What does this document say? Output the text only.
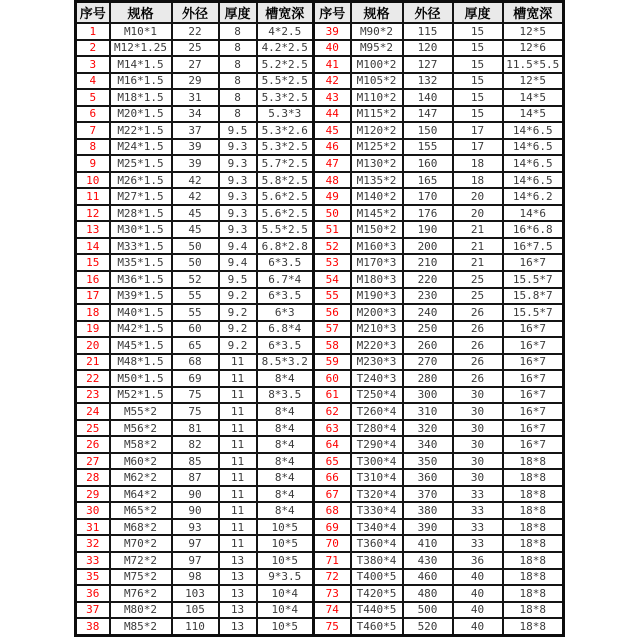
序号	规格	外径	厚度	槽宽深	序号	规格	外径	厚度	槽宽深
1	M10*1	22	8	4*2.5	39	M90*2	115	15	12*5
2	M12*1.25	25	8	4.2*2.5	40	M95*2	120	15	12*6
3	M14*1.5	27	8	5.2*2.5	41	M100*2	127	15	11.5*5.5
4	M16*1.5	29	8	5.5*2.5	42	M105*2	132	15	12*5
5	M18*1.5	31	8	5.3*2.5	43	M110*2	140	15	14*5
6	M20*1.5	34	8	5.3*3	44	M115*2	147	15	14*5
7	M22*1.5	37	9.5	5.3*2.6	45	M120*2	150	17	14*6.5
8	M24*1.5	39	9.3	5.3*2.5	46	M125*2	155	17	14*6.5
9	M25*1.5	39	9.3	5.7*2.5	47	M130*2	160	18	14*6.5
10	M26*1.5	42	9.3	5.8*2.5	48	M135*2	165	18	14*6.5
11	M27*1.5	42	9.3	5.6*2.5	49	M140*2	170	20	14*6.2
12	M28*1.5	45	9.3	5.6*2.5	50	M145*2	176	20	14*6
13	M30*1.5	45	9.3	5.5*2.5	51	M150*2	190	21	16*6.8
14	M33*1.5	50	9.4	6.8*2.8	52	M160*3	200	21	16*7.5
15	M35*1.5	50	9.4	6*3.5	53	M170*3	210	21	16*7
16	M36*1.5	52	9.5	6.7*4	54	M180*3	220	25	15.5*7
17	M39*1.5	55	9.2	6*3.5	55	M190*3	230	25	15.8*7
18	M40*1.5	55	9.2	6*3	56	M200*3	240	26	15.5*7
19	M42*1.5	60	9.2	6.8*4	57	M210*3	250	26	16*7
20	M45*1.5	65	9.2	6*3.5	58	M220*3	260	26	16*7
21	M48*1.5	68	11	8.5*3.2	59	M230*3	270	26	16*7
22	M50*1.5	69	11	8*4	60	T240*3	280	26	16*7
23	M52*1.5	75	11	8*3.5	61	T250*4	300	30	16*7
24	M55*2	75	11	8*4	62	T260*4	310	30	16*7
25	M56*2	81	11	8*4	63	T280*4	320	30	16*7
26	M58*2	82	11	8*4	64	T290*4	340	30	16*7
27	M60*2	85	11	8*4	65	T300*4	350	30	18*8
28	M62*2	87	11	8*4	66	T310*4	360	30	18*8
29	M64*2	90	11	8*4	67	T320*4	370	33	18*8
30	M65*2	90	11	8*4	68	T330*4	380	33	18*8
31	M68*2	93	11	10*5	69	T340*4	390	33	18*8
32	M70*2	97	11	10*5	70	T360*4	410	33	18*8
33	M72*2	97	13	10*5	71	T380*4	430	36	18*8
35	M75*2	98	13	9*3.5	72	T400*5	460	40	18*8
36	M76*2	103	13	10*4	73	T420*5	480	40	18*8
37	M80*2	105	13	10*4	74	T440*5	500	40	18*8
38	M85*2	110	13	10*5	75	T460*5	520	40	18*8
